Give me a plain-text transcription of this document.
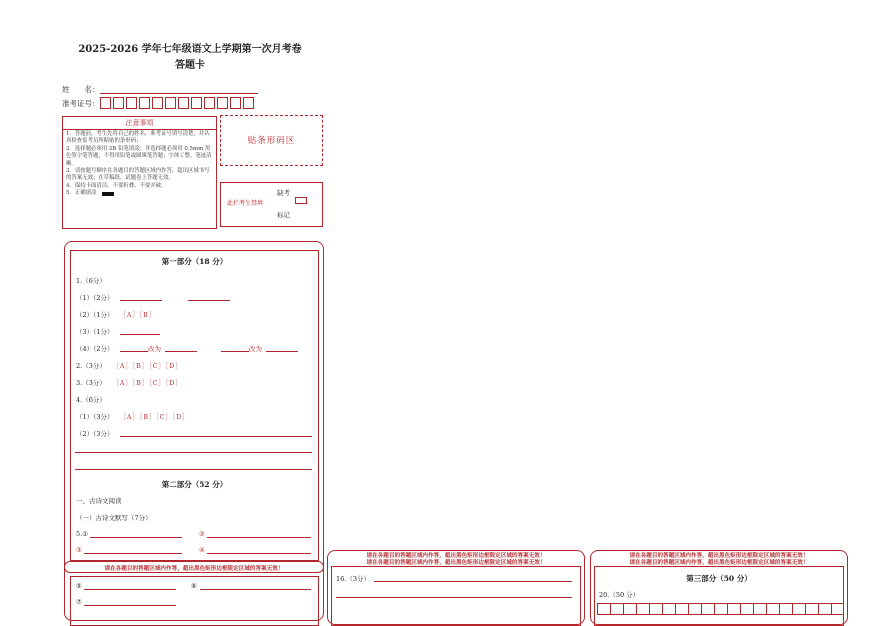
2025-2026 学年七年级语文上学期第一次月考卷
答题卡
姓　　名：
准考证号：
注意事项
1．答题前，考生先将自己的姓名，准考证号填写清楚，并认真检查监考员所粘贴的条形码；
2．选择题必须用 2B 铅笔填涂；非选择题必须用 0.5mm 黑色签字笔答题，不得用铅笔或圆珠笔答题；字体工整、笔迹清晰。
3．请按题号顺序在各题目的答题区域内作答，超出区域书写的答案无效；在草稿纸、试题卷上答题无效。
4．保持卡面清洁，不要折叠、不要弄破。
5．正确填涂
贴条形码区
此栏考生禁填
缺考
标记
第一部分（18 分）
1.（6分）
（1）（2分）
（2）（1分） ［A］［B］
（3）（1分）
（4）（2分）	改为	改为
2.（3分） ［A］［B］［C］［D］
3.（3分） ［A］［B］［C］［D］
4.（6分）
（1）（3分） ［A］［B］［C］［D］
（2）（3分）
第二部分（52 分）
一、古诗文阅读
（一）古诗文默写（7分）
5.①	②
③	④
请在各题目的答题区域内作答，超出黑色矩形边框限定区域的答案无效！
⑤	⑥
⑦
请在各题目的答题区域内作答，超出黑色矩形边框限定区域的答案无效！
请在各题目的答题区域内作答，超出黑色矩形边框限定区域的答案无效！
16.（3分）
请在各题目的答题区域内作答，超出黑色矩形边框限定区域的答案无效！
请在各题目的答题区域内作答，超出黑色矩形边框限定区域的答案无效！
第三部分（50 分）
20.（50 分）
